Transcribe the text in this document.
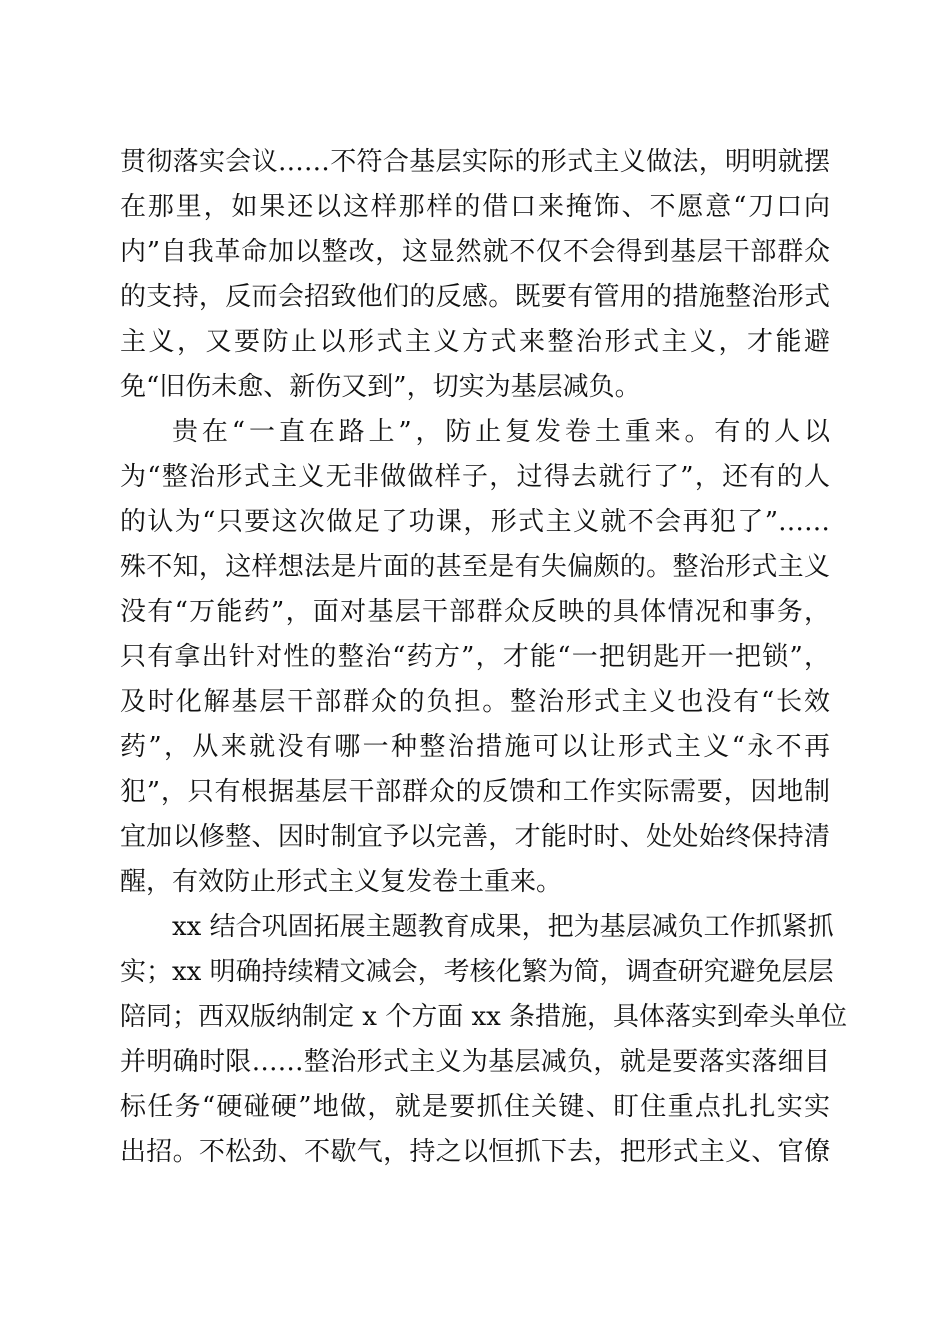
贯彻落实会议……不符合基层实际的形式主义做法，明明就摆
在那里，如果还以这样那样的借口来掩饰、不愿意“刀口向
内”自我革命加以整改，这显然就不仅不会得到基层干部群众
的支持，反而会招致他们的反感。既要有管用的措施整治形式
主义，又要防止以形式主义方式来整治形式主义，才能避
免“旧伤未愈、新伤又到”，切实为基层减负。
贵在“一直在路上”，防止复发卷土重来。有的人以
为“整治形式主义无非做做样子，过得去就行了”，还有的人
的认为“只要这次做足了功课，形式主义就不会再犯了”……
殊不知，这样想法是片面的甚至是有失偏颇的。整治形式主义
没有“万能药”，面对基层干部群众反映的具体情况和事务，
只有拿出针对性的整治“药方”，才能“一把钥匙开一把锁”，
及时化解基层干部群众的负担。整治形式主义也没有“长效
药”，从来就没有哪一种整治措施可以让形式主义“永不再
犯”，只有根据基层干部群众的反馈和工作实际需要，因地制
宜加以修整、因时制宜予以完善，才能时时、处处始终保持清
醒，有效防止形式主义复发卷土重来。
xx 结合巩固拓展主题教育成果，把为基层减负工作抓紧抓
实；xx 明确持续精文减会，考核化繁为简，调查研究避免层层
陪同；西双版纳制定 x 个方面 xx 条措施，具体落实到牵头单位
并明确时限……整治形式主义为基层减负，就是要落实落细目
标任务“硬碰硬”地做，就是要抓住关键、盯住重点扎扎实实
出招。不松劲、不歇气，持之以恒抓下去，把形式主义、官僚
